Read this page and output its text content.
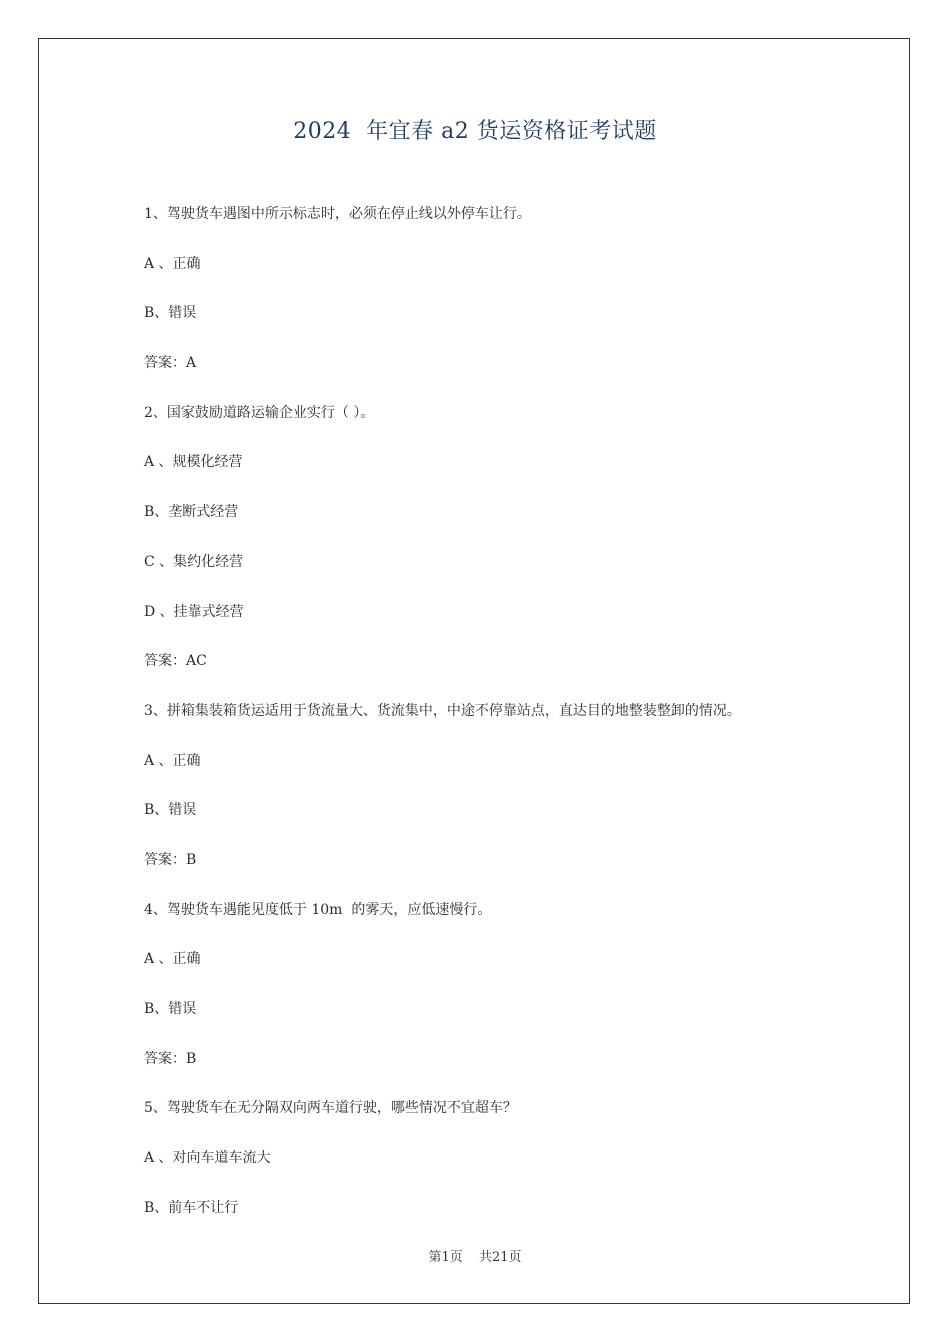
2024  年宜春 a2 货运资格证考试题
1、驾驶货车遇图中所示标志时，必须在停止线以外停车让行。
A 、正确
B、错误
答案：A
2、国家鼓励道路运输企业实行（ ）。
A 、规模化经营
B、垄断式经营
C 、集约化经营
D 、挂靠式经营
答案：AC
3、拼箱集装箱货运适用于货流量大、货流集中，中途不停靠站点，直达目的地整装整卸的情况。
A 、正确
B、错误
答案：B
4、驾驶货车遇能见度低于 10m  的雾天，应低速慢行。
A 、正确
B、错误
答案：B
5、驾驶货车在无分隔双向两车道行驶，哪些情况不宜超车？
A 、对向车道车流大
B、前车不让行
第1页 共21页
